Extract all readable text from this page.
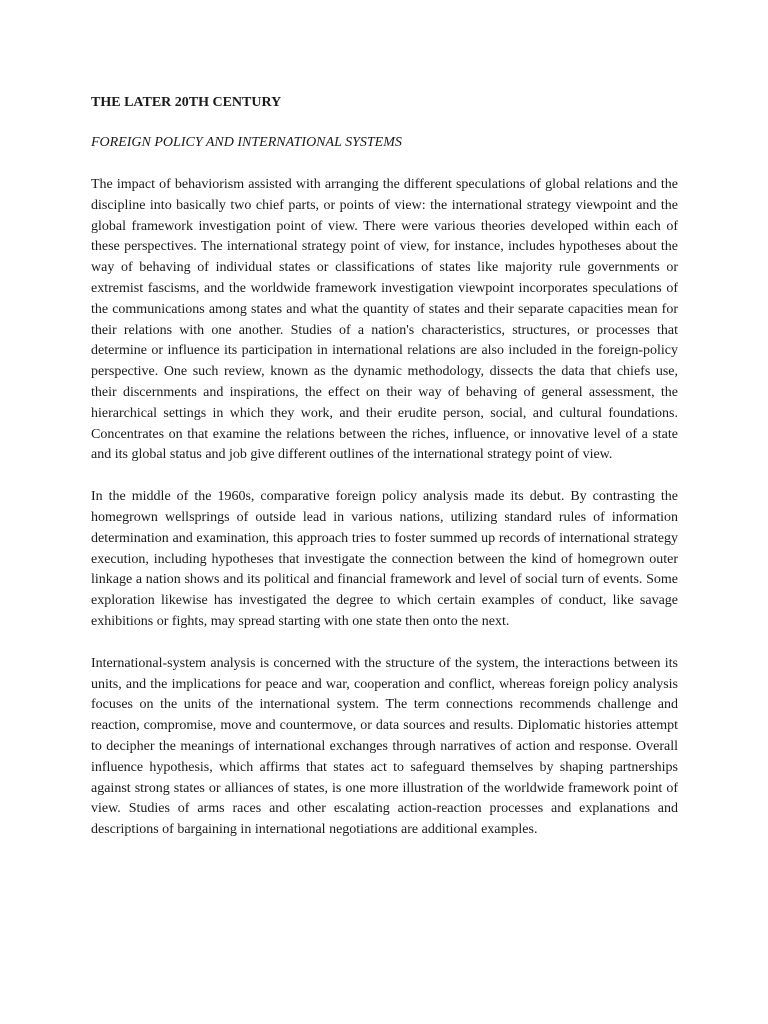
THE LATER 20TH CENTURY
FOREIGN POLICY AND INTERNATIONAL SYSTEMS

The impact of behaviorism assisted with arranging the different speculations of global relations and the discipline into basically two chief parts, or points of view: the international strategy viewpoint and the global framework investigation point of view. There were various theories developed within each of these perspectives. The international strategy point of view, for instance, includes hypotheses about the way of behaving of individual states or classifications of states like majority rule governments or extremist fascisms, and the worldwide framework investigation viewpoint incorporates speculations of the communications among states and what the quantity of states and their separate capacities mean for their relations with one another. Studies of a nation's characteristics, structures, or processes that determine or influence its participation in international relations are also included in the foreign-policy perspective. One such review, known as the dynamic methodology, dissects the data that chiefs use, their discernments and inspirations, the effect on their way of behaving of general assessment, the hierarchical settings in which they work, and their erudite person, social, and cultural foundations. Concentrates on that examine the relations between the riches, influence, or innovative level of a state and its global status and job give different outlines of the international strategy point of view.

In the middle of the 1960s, comparative foreign policy analysis made its debut. By contrasting the homegrown wellsprings of outside lead in various nations, utilizing standard rules of information determination and examination, this approach tries to foster summed up records of international strategy execution, including hypotheses that investigate the connection between the kind of homegrown outer linkage a nation shows and its political and financial framework and level of social turn of events. Some exploration likewise has investigated the degree to which certain examples of conduct, like savage exhibitions or fights, may spread starting with one state then onto the next.

International-system analysis is concerned with the structure of the system, the interactions between its units, and the implications for peace and war, cooperation and conflict, whereas foreign policy analysis focuses on the units of the international system. The term connections recommends challenge and reaction, compromise, move and countermove, or data sources and results. Diplomatic histories attempt to decipher the meanings of international exchanges through narratives of action and response. Overall influence hypothesis, which affirms that states act to safeguard themselves by shaping partnerships against strong states or alliances of states, is one more illustration of the worldwide framework point of view. Studies of arms races and other escalating action-reaction processes and explanations and descriptions of bargaining in international negotiations are additional examples.
